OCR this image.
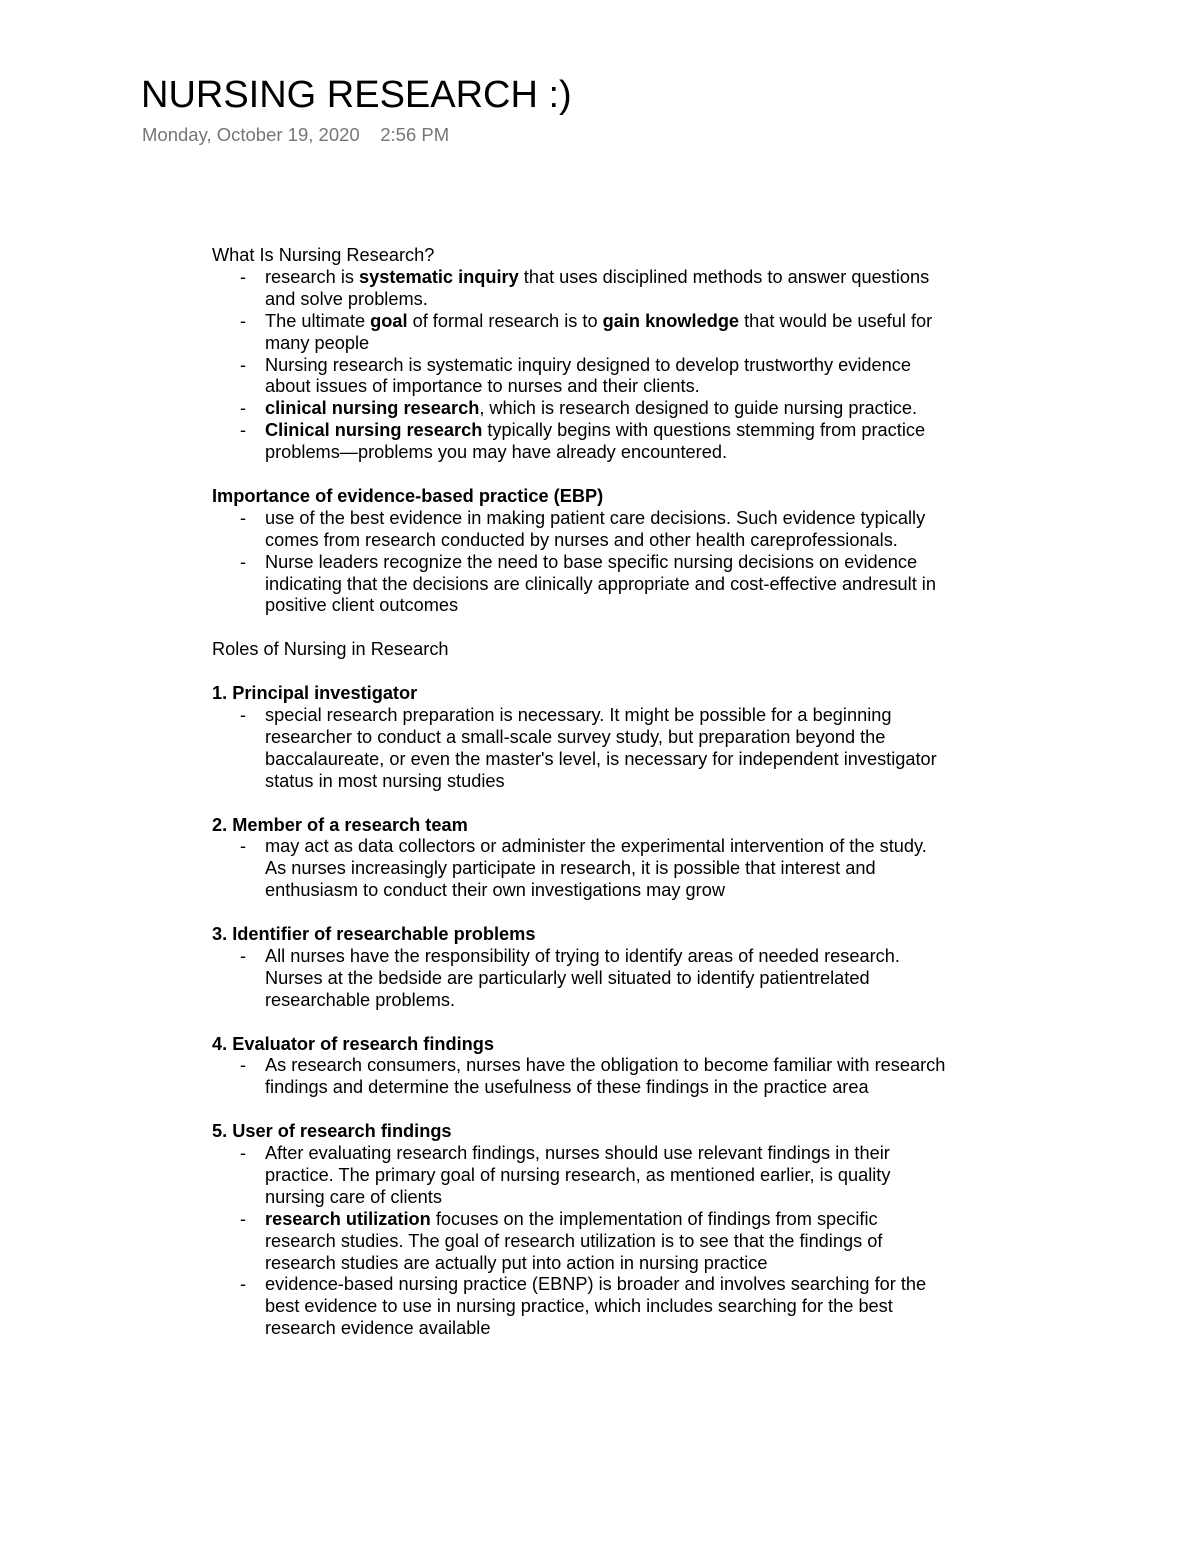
NURSING RESEARCH :)
Monday, October 19, 2020 2:56 PM

What Is Nursing Research?

- research is systematic inquiry that uses disciplined methods to answer questions and solve problems.
- The ultimate goal of formal research is to gain knowledge that would be useful for many people
- Nursing research is systematic inquiry designed to develop trustworthy evidence about issues of importance to nurses and their clients.
- clinical nursing research, which is research designed to guide nursing practice.
- Clinical nursing research typically begins with questions stemming from practice problems—problems you may have already encountered.

Importance of evidence-based practice (EBP)

- use of the best evidence in making patient care decisions. Such evidence typically comes from research conducted by nurses and other health careprofessionals.
- Nurse leaders recognize the need to base specific nursing decisions on evidence indicating that the decisions are clinically appropriate and cost-effective andresult in positive client outcomes

Roles of Nursing in Research

1. Principal investigator

- special research preparation is necessary. It might be possible for a beginning researcher to conduct a small-scale survey study, but preparation beyond the baccalaureate, or even the master's level, is necessary for independent investigator status in most nursing studies

2. Member of a research team

- may act as data collectors or administer the experimental intervention of the study. As nurses increasingly participate in research, it is possible that interest and enthusiasm to conduct their own investigations may grow

3. Identifier of researchable problems

- All nurses have the responsibility of trying to identify areas of needed research. Nurses at the bedside are particularly well situated to identify patientrelated researchable problems.

4. Evaluator of research findings

- As research consumers, nurses have the obligation to become familiar with research findings and determine the usefulness of these findings in the practice area

5. User of research findings

- After evaluating research findings, nurses should use relevant findings in their practice. The primary goal of nursing research, as mentioned earlier, is quality nursing care of clients
- research utilization focuses on the implementation of findings from specific research studies. The goal of research utilization is to see that the findings of research studies are actually put into action in nursing practice
- evidence-based nursing practice (EBNP) is broader and involves searching for the best evidence to use in nursing practice, which includes searching for the best research evidence available
